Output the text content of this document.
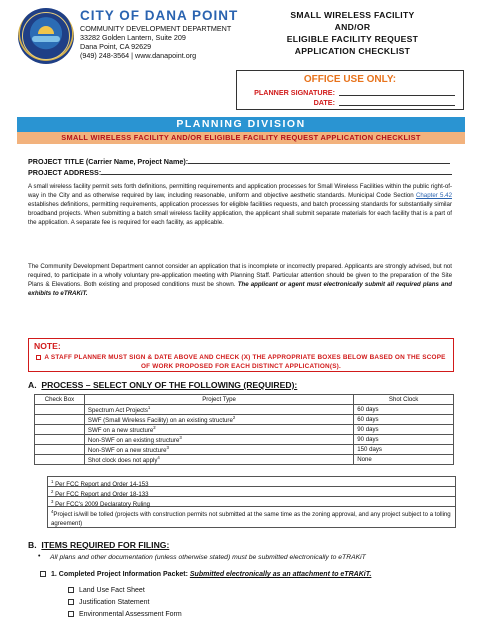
CITY OF DANA POINT
COMMUNITY DEVELOPMENT DEPARTMENT
33282 Golden Lantern, Suite 209
Dana Point, CA 92629
(949) 248-3564 | www.danapoint.org
SMALL WIRELESS FACILITY
AND/OR
ELIGIBLE FACILITY REQUEST
APPLICATION CHECKLIST
OFFICE USE ONLY:
PLANNER SIGNATURE:
DATE:
PLANNING DIVISION
SMALL WIRELESS FACILITY AND/OR ELIGIBLE FACILITY REQUEST APPLICATION CHECKLIST
PROJECT TITLE (Carrier Name, Project Name):
PROJECT ADDRESS:
A small wireless facility permit sets forth definitions, permitting requirements and application processes for Small Wireless Facilities within the public right-of-way in the City and as otherwise required by law, including reasonable, uniform and objective aesthetic standards. Municipal Code Section Chapter 5.42 establishes definitions, permitting requirements, application processes for eligible facilities requests, and batch processing standards for substantially similar broadband projects. When submitting a batch small wireless facility application, the applicant shall submit separate materials for each facility that is a part of the application. A separate fee is required for each facility, as applicable.
The Community Development Department cannot consider an application that is incomplete or incorrectly prepared. Applicants are strongly advised, but not required, to participate in a wholly voluntary pre-application meeting with Planning Staff. Particular attention should be given to the preparation of the Site Plans & Elevations. Both existing and proposed conditions must be shown. The applicant or agent must electronically submit all required plans and exhibits to eTRAKiT.
NOTE:
A STAFF PLANNER MUST SIGN & DATE ABOVE AND CHECK (X) THE APPROPRIATE BOXES BELOW BASED ON THE SCOPE OF WORK PROPOSED FOR EACH DISTINCT APPLICATION(S).
A. PROCESS – SELECT ONLY OF THE FOLLOWING (REQUIRED):
Check Box	Project Type	Shot Clock
	Spectrum Act Projects$^1$	60 days
	SWF (Small Wireless Facility) on an existing structure$^2$	60 days
	SWF on a new structure$^2$	90 days
	Non-SWF on an existing structure$^3$	90 days
	Non-SWF on a new structure$^3$	150 days
	Shot clock does not apply$^4$	None
$^1$ Per FCC Report and Order 14-153
$^2$ Per FCC Report and Order 18-133
$^3$ Per FCC's 2009 Declaratory Ruling
$^4$Project is/will be tolled (projects with construction permits not submitted at the same time as the zoning approval, and any project subject to a tolling agreement)
B. ITEMS REQUIRED FOR FILING:
• All plans and other documentation (unless otherwise stated) must be submitted electronically to eTRAKiT
1. Completed Project Information Packet: Submitted electronically as an attachment to eTRAKiT.
Land Use Fact Sheet
Justification Statement
Environmental Assessment Form
